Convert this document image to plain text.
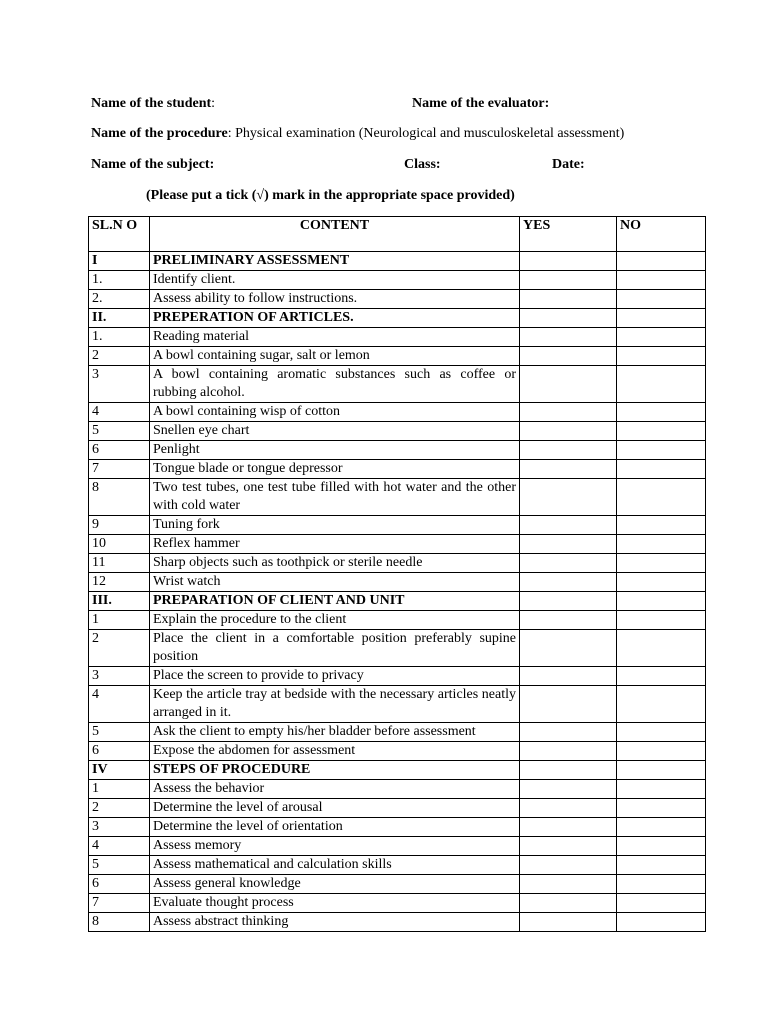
Name of the student:	Name of the evaluator:
Name of the procedure: Physical examination (Neurological and musculoskeletal assessment)
Name of the subject:	Class:	Date:
(Please put a tick (√) mark in the appropriate space provided)
SL.N O	CONTENT	YES	NO
I	PRELIMINARY ASSESSMENT		
1.	Identify client.		
2.	Assess ability to follow instructions.		
II.	PREPERATION OF ARTICLES.		
1.	Reading material		
2	A bowl containing sugar, salt or lemon		
3	A bowl containing aromatic substances such as coffee or rubbing alcohol.		
4	A bowl containing wisp of cotton		
5	Snellen eye chart		
6	Penlight		
7	Tongue blade or tongue depressor		
8	Two test tubes, one test tube filled with hot water and the other with cold water		
9	Tuning fork		
10	Reflex hammer		
11	Sharp objects such as toothpick or sterile needle		
12	Wrist watch		
III.	PREPARATION OF CLIENT AND UNIT		
1	Explain the procedure to the client		
2	Place the client in a comfortable position preferably supine position		
3	Place the screen to provide to privacy		
4	Keep the article tray at bedside with the necessary articles neatly arranged in it.		
5	Ask the client to empty his/her bladder before assessment		
6	Expose the abdomen for assessment		
IV	STEPS OF PROCEDURE		
1	Assess the behavior		
2	Determine the level of arousal		
3	Determine the level of orientation		
4	Assess memory		
5	Assess mathematical and calculation skills		
6	Assess general knowledge		
7	Evaluate thought process		
8	Assess abstract thinking		
